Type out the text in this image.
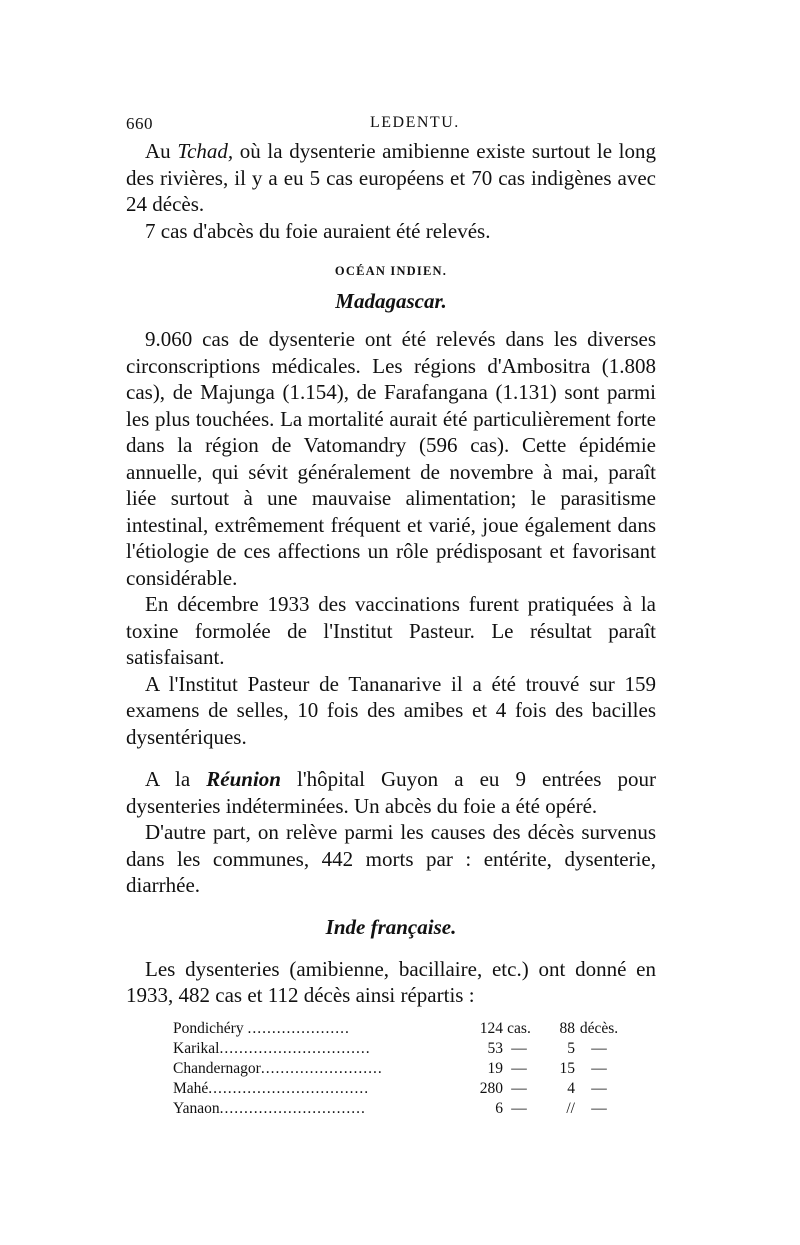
660	LEDENTU.

Au Tchad, où la dysenterie amibienne existe surtout le long des rivières, il y a eu 5 cas européens et 70 cas indigènes avec 24 décès.

7 cas d'abcès du foie auraient été relevés.

OCÉAN INDIEN.
Madagascar.

9.060 cas de dysenterie ont été relevés dans les diverses circonscriptions médicales. Les régions d'Ambositra (1.808 cas), de Majunga (1.154), de Farafangana (1.131) sont parmi les plus touchées. La mortalité aurait été particulièrement forte dans la région de Vatomandry (596 cas). Cette épidémie annuelle, qui sévit généralement de novembre à mai, paraît liée surtout à une mauvaise alimentation; le parasitisme intestinal, extrêmement fréquent et varié, joue également dans l'étiologie de ces affections un rôle prédisposant et favorisant considérable.

En décembre 1933 des vaccinations furent pratiquées à la toxine formolée de l'Institut Pasteur. Le résultat paraît satisfaisant.

A l'Institut Pasteur de Tananarive il a été trouvé sur 159 examens de selles, 10 fois des amibes et 4 fois des bacilles dysentériques.

A la Réunion l'hôpital Guyon a eu 9 entrées pour dysenteries indéterminées. Un abcès du foie a été opéré.

D'autre part, on relève parmi les causes des décès survenus dans les communes, 442 morts par : entérite, dysenterie, diarrhée.

Inde française.

Les dysenteries (amibienne, bacillaire, etc.) ont donné en 1933, 482 cas et 112 décès ainsi répartis :

Pondichéry .....................	124 cas.	88 décès.
Karikal...............................	53 —	5	—
Chandernagor.........................	19 —	15	—
Mahé.................................	280 —	4	—
Yanaon..............................	6 —	//	—
